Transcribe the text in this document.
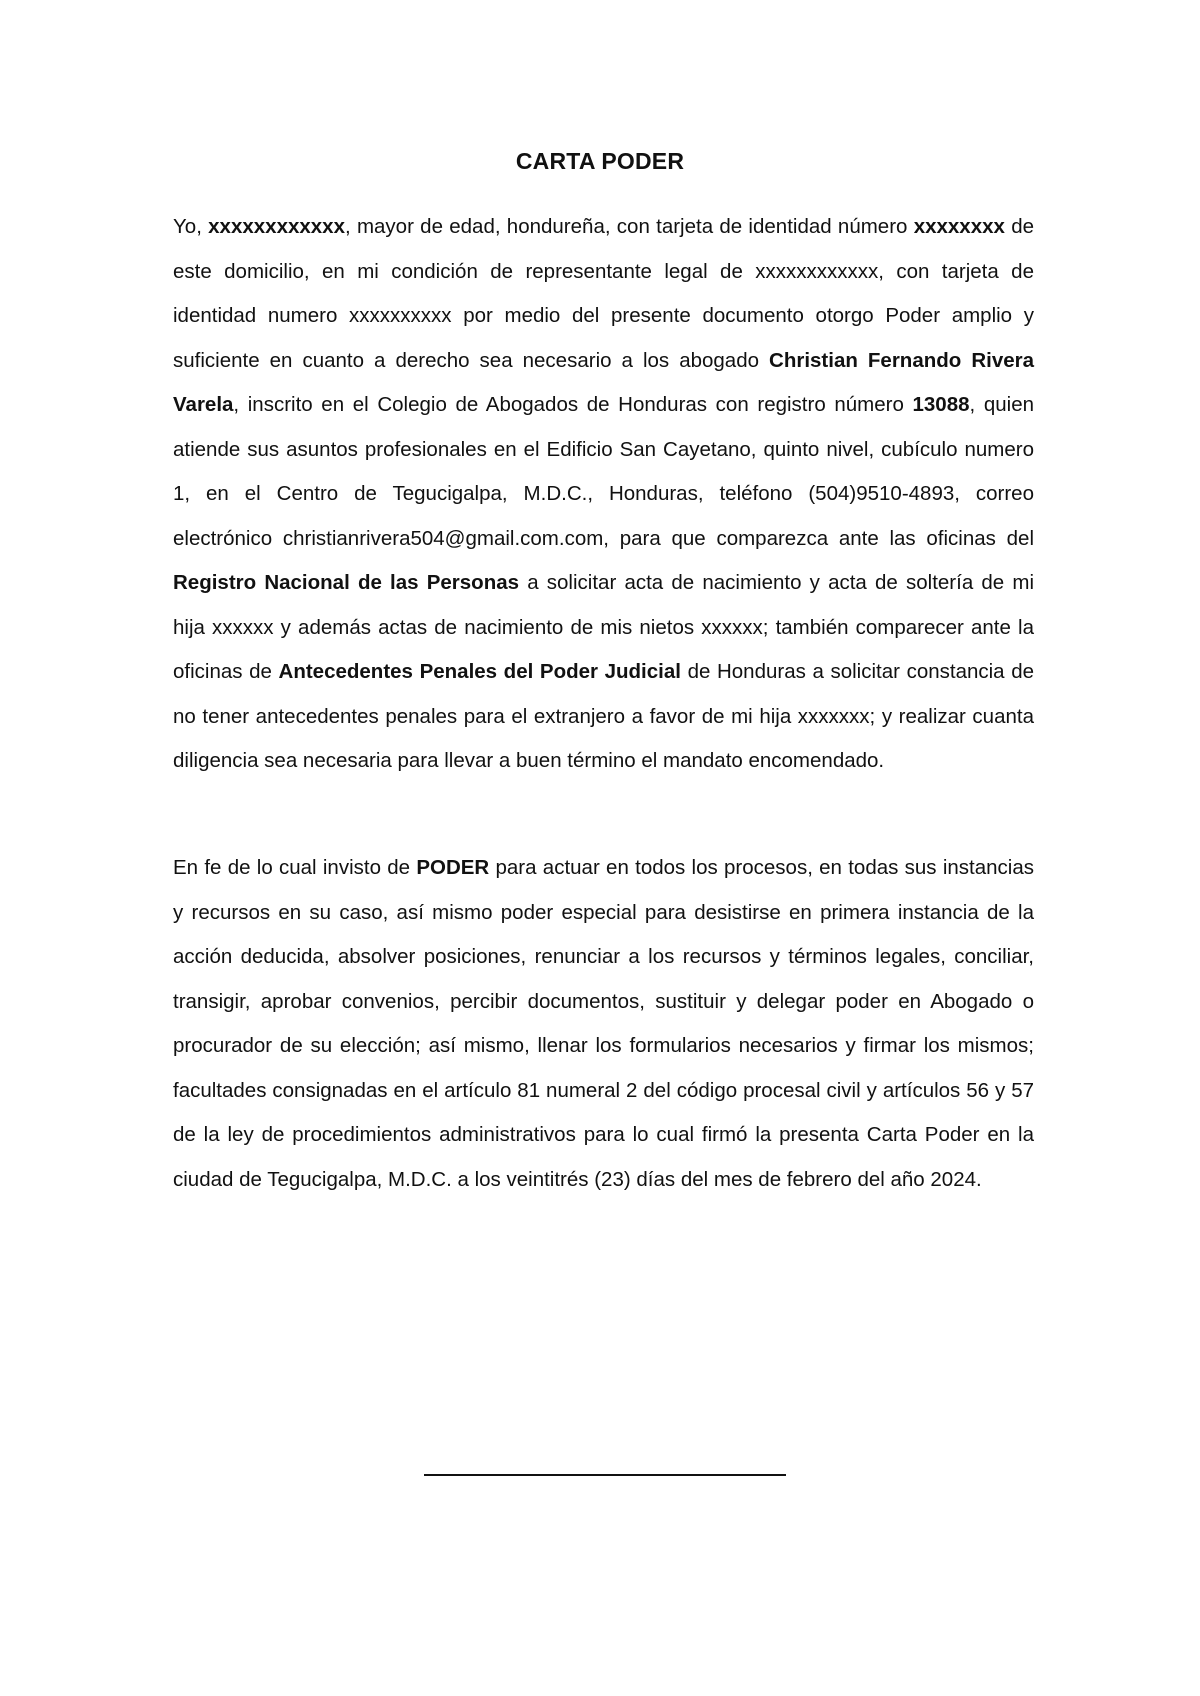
CARTA PODER
Yo, xxxxxxxxxxxx, mayor de edad, hondureña, con tarjeta de identidad número xxxxxxxx de este domicilio, en mi condición de representante legal de xxxxxxxxxxxx, con tarjeta de identidad numero xxxxxxxxxx por medio del presente documento otorgo Poder amplio y suficiente en cuanto a derecho sea necesario a los abogado Christian Fernando Rivera Varela, inscrito en el Colegio de Abogados de Honduras con registro número 13088, quien atiende sus asuntos profesionales en el Edificio San Cayetano, quinto nivel, cubículo numero 1, en el Centro de Tegucigalpa, M.D.C., Honduras, teléfono (504)9510-4893, correo electrónico christianrivera504@gmail.com.com, para que comparezca ante las oficinas del Registro Nacional de las Personas a solicitar acta de nacimiento y acta de soltería de mi hija xxxxxx y además actas de nacimiento de mis nietos xxxxxx; también comparecer ante la oficinas de Antecedentes Penales del Poder Judicial de Honduras a solicitar constancia de no tener antecedentes penales para el extranjero a favor de mi hija xxxxxxx; y realizar cuanta diligencia sea necesaria para llevar a buen término el mandato encomendado.
En fe de lo cual invisto de PODER para actuar en todos los procesos, en todas sus instancias y recursos en su caso, así mismo poder especial para desistirse en primera instancia de la acción deducida, absolver posiciones, renunciar a los recursos y términos legales, conciliar, transigir, aprobar convenios, percibir documentos, sustituir y delegar poder en Abogado o procurador de su elección; así mismo, llenar los formularios necesarios y firmar los mismos; facultades consignadas en el artículo 81 numeral 2 del código procesal civil y artículos 56 y 57 de la ley de procedimientos administrativos para lo cual firmó la presenta Carta Poder en la ciudad de Tegucigalpa, M.D.C. a los veintitrés (23) días del mes de febrero del año 2024.
